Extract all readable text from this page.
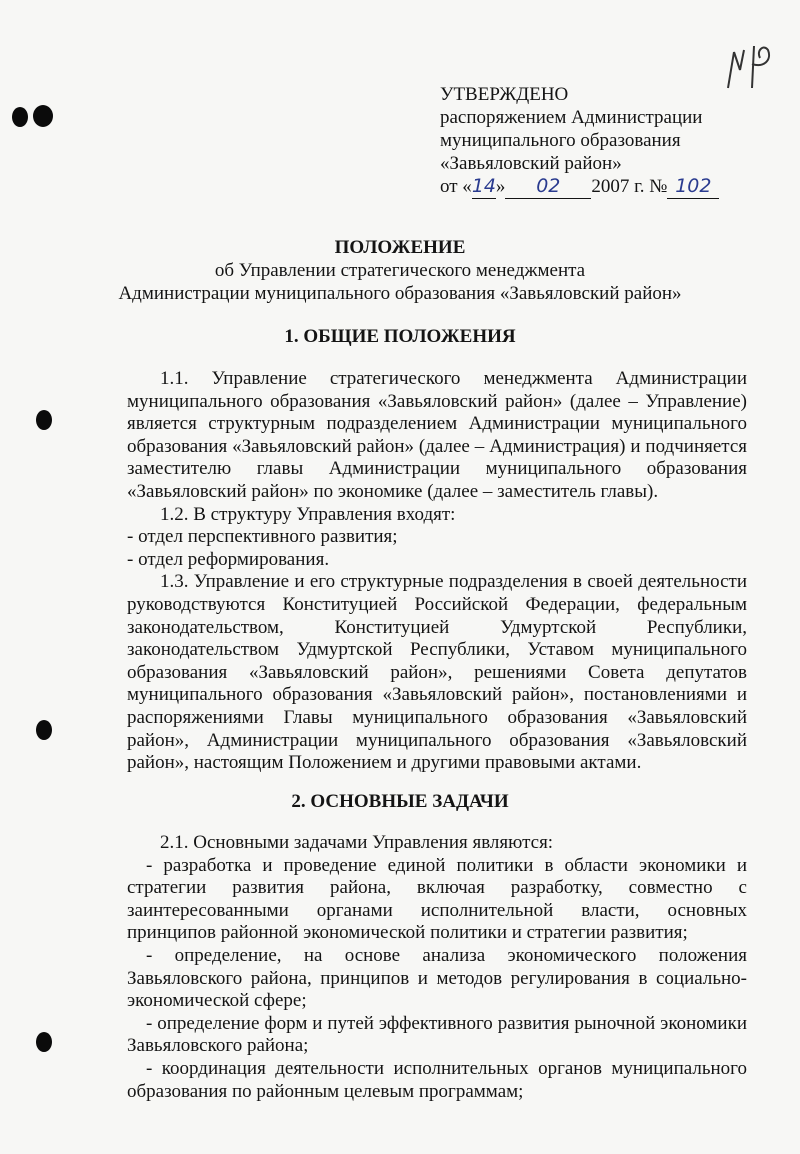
УТВЕРЖДЕНО
распоряжением Администрации
муниципального образования
«Завьяловский район»
от «14» 02 2007 г. № 102
ПОЛОЖЕНИЕ
об Управлении стратегического менеджмента
Администрации муниципального образования «Завьяловский район»
1. ОБЩИЕ ПОЛОЖЕНИЯ

1.1. Управление стратегического менеджмента Администрации муниципального образования «Завьяловский район» (далее – Управление) является структурным подразделением Администрации муниципального образования «Завьяловский район» (далее – Администрация) и подчиняется заместителю главы Администрации муниципального образования «Завьяловский район» по экономике (далее – заместитель главы).

1.2. В структуру Управления входят:

- отдел перспективного развития;

- отдел реформирования.

1.3. Управление и его структурные подразделения в своей деятельности руководствуются Конституцией Российской Федерации, федеральным законодательством, Конституцией Удмуртской Республики, законодательством Удмуртской Республики, Уставом муниципального образования «Завьяловский район», решениями Совета депутатов муниципального образования «Завьяловский район», постановлениями и распоряжениями Главы муниципального образования «Завьяловский район», Администрации муниципального образования «Завьяловский район», настоящим Положением и другими правовыми актами.

2. ОСНОВНЫЕ ЗАДАЧИ

2.1. Основными задачами Управления являются:

- разработка и проведение единой политики в области экономики и стратегии развития района, включая разработку, совместно с заинтересованными органами исполнительной власти, основных принципов районной экономической политики и стратегии развития;

- определение, на основе анализа экономического положения Завьяловского района, принципов и методов регулирования в социально-экономической сфере;

- определение форм и путей эффективного развития рыночной экономики Завьяловского района;

- координация деятельности исполнительных органов муниципального образования по районным целевым программам;
